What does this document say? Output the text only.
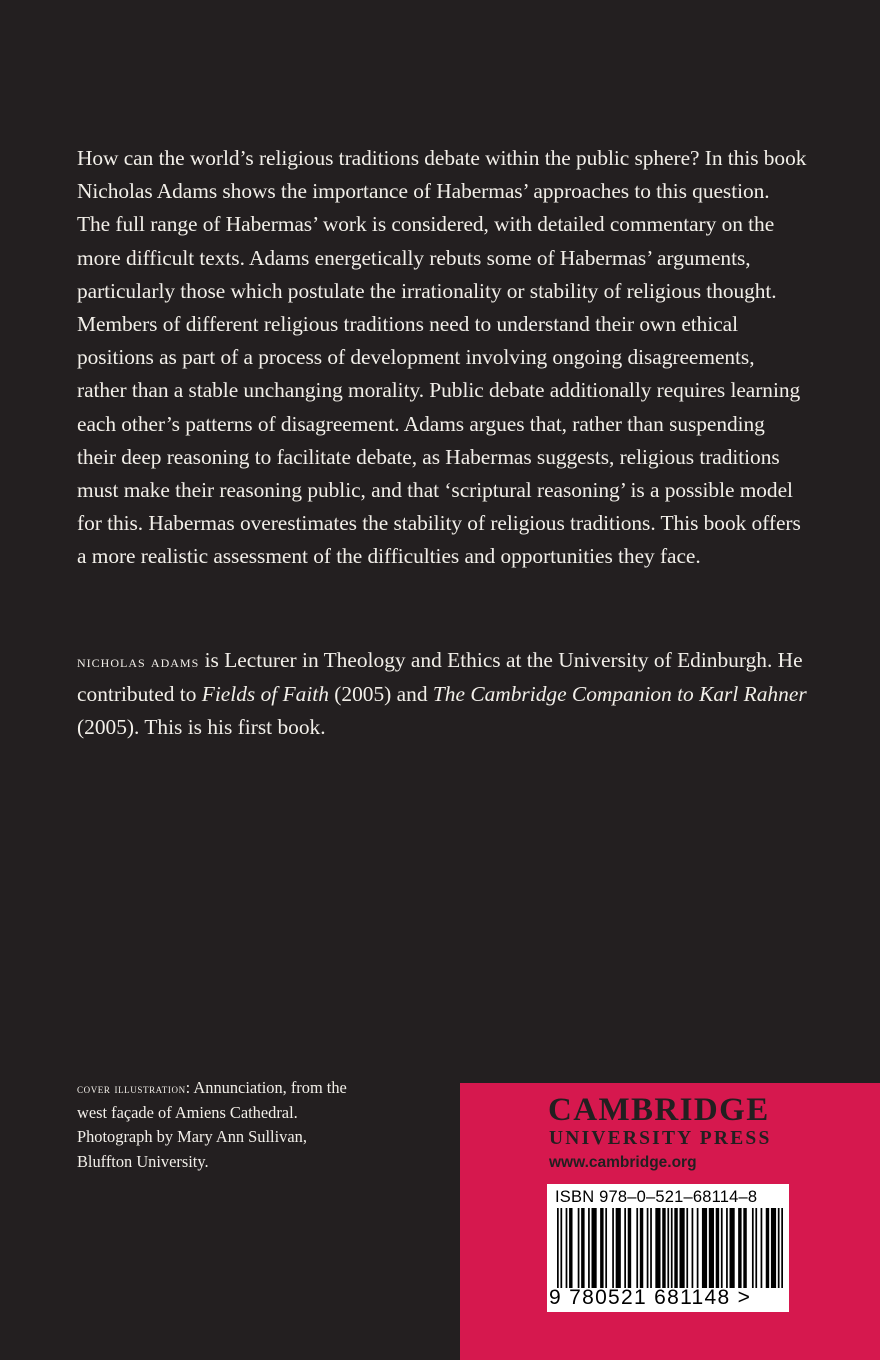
How can the world’s religious traditions debate within the public sphere? In this book Nicholas Adams shows the importance of Habermas’ approaches to this question. The full range of Habermas’ work is considered, with detailed commentary on the more difficult texts. Adams energetically rebuts some of Habermas’ arguments, particularly those which postulate the irrationality or stability of religious thought. Members of different religious traditions need to understand their own ethical positions as part of a process of development involving ongoing disagreements, rather than a stable unchanging morality. Public debate additionally requires learning each other’s patterns of disagreement. Adams argues that, rather than suspending their deep reasoning to facilitate debate, as Habermas suggests, religious traditions must make their reasoning public, and that ‘scriptural reasoning’ is a possible model for this. Habermas overestimates the stability of religious traditions. This book offers a more realistic assessment of the difficulties and opportunities they face.

nicholas adams is Lecturer in Theology and Ethics at the University of Edinburgh. He contributed to Fields of Faith (2005) and The Cambridge Companion to Karl Rahner (2005). This is his first book.

cover illustration: Annunciation, from the west façade of Amiens Cathedral. Photograph by Mary Ann Sullivan, Bluffton University.

CAMBRIDGE
UNIVERSITY PRESS
www.cambridge.org
ISBN 978–0–521–68114–8
9 780521 681148 >
